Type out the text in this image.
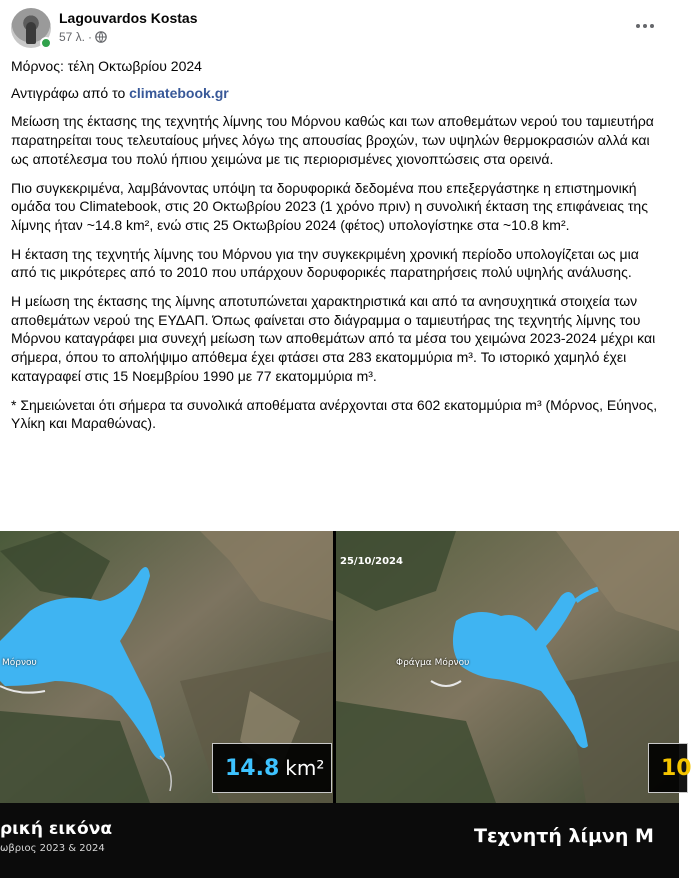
Lagouvardos Kostas
57 λ. ·

Μόρνος: τέλη Οκτωβρίου 2024

Αντιγράφω από το climatebook.gr

Μείωση της έκτασης της τεχνητής λίμνης του Μόρνου καθώς και των αποθεμάτων νερού του ταμιευτήρα παρατηρείται τους τελευταίους μήνες λόγω της απουσίας βροχών, των υψηλών θερμοκρασιών αλλά και ως αποτέλεσμα του πολύ ήπιου χειμώνα με τις περιορισμένες χιονοπτώσεις στα ορεινά.

Πιο συγκεκριμένα, λαμβάνοντας υπόψη τα δορυφορικά δεδομένα που επεξεργάστηκε η επιστημονική ομάδα του Climatebook, στις 20 Οκτωβρίου 2023 (1 χρόνο πριν) η συνολική έκταση της επιφάνειας της λίμνης ήταν ~14.8 km², ενώ στις 25 Οκτωβρίου 2024 (φέτος) υπολογίστηκε στα ~10.8 km².

Η έκταση της τεχνητής λίμνης του Μόρνου για την συγκεκριμένη χρονική περίοδο υπολογίζεται ως μια από τις μικρότερες από το 2010 που υπάρχουν δορυφορικές παρατηρήσεις πολύ υψηλής ανάλυσης.

Η μείωση της έκτασης της λίμνης αποτυπώνεται χαρακτηριστικά και από τα ανησυχητικά στοιχεία των αποθεμάτων νερού της ΕΥΔΑΠ. Όπως φαίνεται στο διάγραμμα ο ταμιευτήρας της τεχνητής λίμνης του Μόρνου καταγράφει μια συνεχή μείωση των αποθεμάτων από τα μέσα του χειμώνα 2023-2024 μέχρι και σήμερα, όπου το απολήψιμο απόθεμα έχει φτάσει στα 283 εκατομμύρια m³. Το ιστορικό χαμηλό έχει καταγραφεί στις 15 Νοεμβρίου 1990 με 77 εκατομμύρια m³.

* Σημειώνεται ότι σήμερα τα συνολικά αποθέματα ανέρχονται στα 602 εκατομμύρια m³ (Μόρνος, Εύηνος, Υλίκη και Μαραθώνας).

Μόρνου
14.8 km²
25/10/2024
Φράγμα Μόρνου
10
ρική εικόνα
ωβριος 2023 & 2024
Τεχνητή λίμνη Μ
